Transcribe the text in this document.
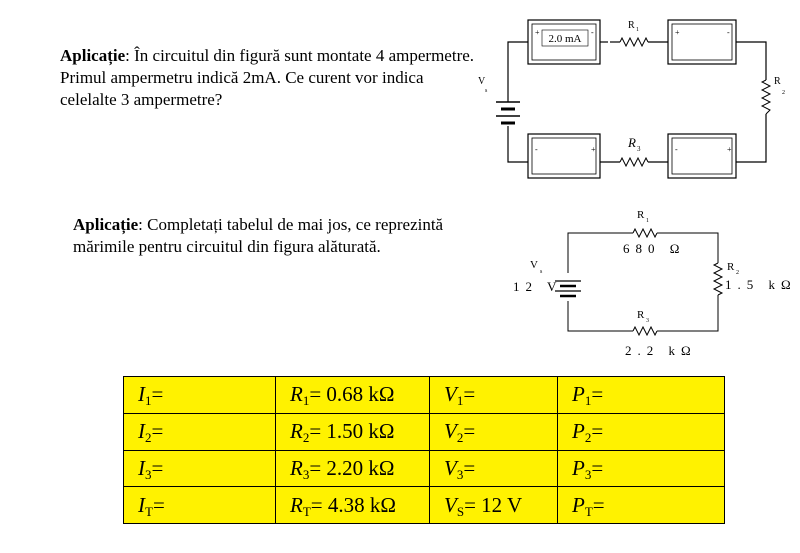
Aplicație: În circuitul din figură sunt montate 4 ampermetre. Primul ampermetru indică 2mA. Ce curent vor indica celelalte 3 ampermetre?

2.0 mA
+	-	+	-
-	+	-	+
R 1
R
2
R 3
V
s

Aplicație: Completați tabelul de mai jos, ce reprezintă mărimile pentru circuitul din figura alăturată.

R 1
680 Ω
R 2
1.5 kΩ
R 3
2.2 kΩ
V
s
12 V
$I_1=$	$R_1= 0.68$ kΩ	$V_1=$	$P_1=$
$I_2=$	$R_2= 1.50$ kΩ	$V_2=$	$P_2=$
$I_3=$	$R_3= 2.20$ kΩ	$V_3=$	$P_3=$
$I_T=$	$R_T= 4.38$ kΩ	$V_S= 12$ V	$P_T=$
